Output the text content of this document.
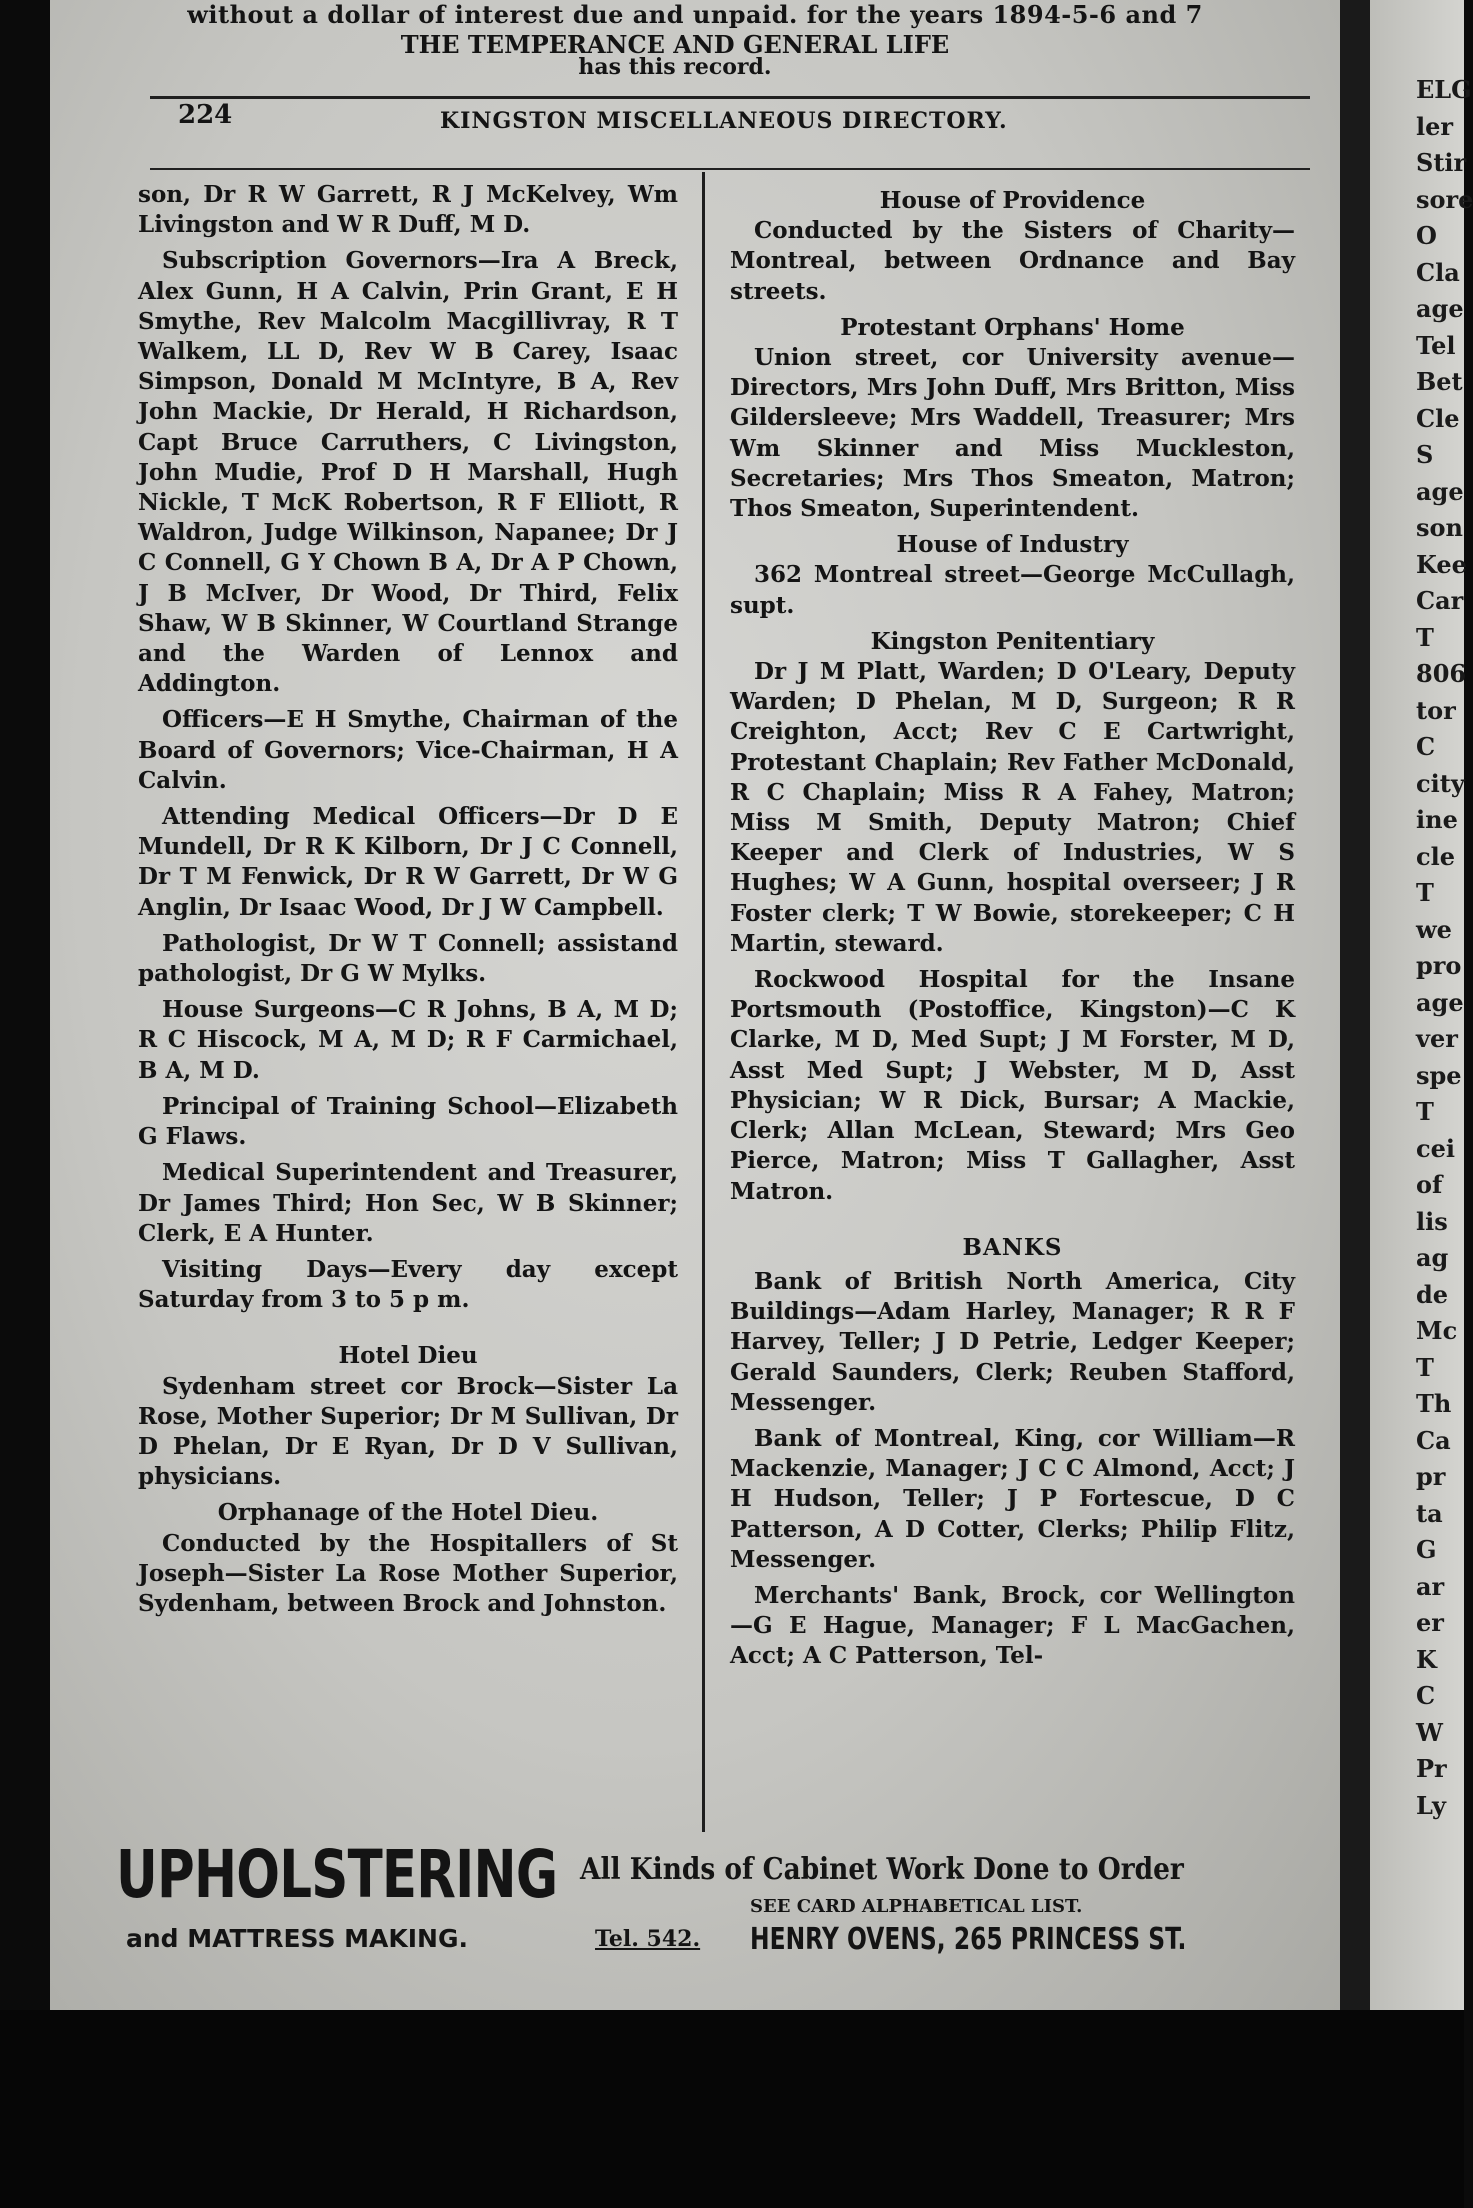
without a dollar of interest due and unpaid. for the years 1894-5-6 and 7
THE TEMPERANCE AND GENERAL LIFE
has this record.
224	KINGSTON MISCELLANEOUS DIRECTORY.

son, Dr R W Garrett, R J McKelvey, Wm Livingston and W R Duff, M D.

Subscription Governors—Ira A Breck, Alex Gunn, H A Calvin, Prin Grant, E H Smythe, Rev Malcolm Macgillivray, R T Walkem, LL D, Rev W B Carey, Isaac Simpson, Donald M McIntyre, B A, Rev John Mackie, Dr Herald, H Richardson, Capt Bruce Carruthers, C Livingston, John Mudie, Prof D H Marshall, Hugh Nickle, T McK Robertson, R F Elliott, R Waldron, Judge Wilkinson, Napanee; Dr J C Connell, G Y Chown B A, Dr A P Chown, J B McIver, Dr Wood, Dr Third, Felix Shaw, W B Skinner, W Courtland Strange and the Warden of Lennox and Addington.

Officers—E H Smythe, Chairman of the Board of Governors; Vice-Chairman, H A Calvin.

Attending Medical Officers—Dr D E Mundell, Dr R K Kilborn, Dr J C Connell, Dr T M Fenwick, Dr R W Garrett, Dr W G Anglin, Dr Isaac Wood, Dr J W Campbell.

Pathologist, Dr W T Connell; assistand pathologist, Dr G W Mylks.

House Surgeons—C R Johns, B A, M D; R C Hiscock, M A, M D; R F Carmichael, B A, M D.

Principal of Training School—Elizabeth G Flaws.

Medical Superintendent and Treasurer, Dr James Third; Hon Sec, W B Skinner; Clerk, E A Hunter.

Visiting Days—Every day except Saturday from 3 to 5 p m.

Hotel Dieu

Sydenham street cor Brock—Sister La Rose, Mother Superior; Dr M Sullivan, Dr D Phelan, Dr E Ryan, Dr D V Sullivan, physicians.

Orphanage of the Hotel Dieu.

Conducted by the Hospitallers of St Joseph—Sister La Rose Mother Superior, Sydenham, between Brock and Johnston.

House of Providence

Conducted by the Sisters of Charity—Montreal, between Ordnance and Bay streets.

Protestant Orphans' Home

Union street, cor University avenue—Directors, Mrs John Duff, Mrs Britton, Miss Gildersleeve; Mrs Waddell, Treasurer; Mrs Wm Skinner and Miss Muckleston, Secretaries; Mrs Thos Smeaton, Matron; Thos Smeaton, Superintendent.

House of Industry

362 Montreal street—George McCullagh, supt.

Kingston Penitentiary

Dr J M Platt, Warden; D O'Leary, Deputy Warden; D Phelan, M D, Surgeon; R R Creighton, Acct; Rev C E Cartwright, Protestant Chaplain; Rev Father McDonald, R C Chaplain; Miss R A Fahey, Matron; Miss M Smith, Deputy Matron; Chief Keeper and Clerk of Industries, W S Hughes; W A Gunn, hospital overseer; J R Foster clerk; T W Bowie, storekeeper; C H Martin, steward.

Rockwood Hospital for the Insane Portsmouth (Postoffice, Kingston)—C K Clarke, M D, Med Supt; J M Forster, M D, Asst Med Supt; J Webster, M D, Asst Physician; W R Dick, Bursar; A Mackie, Clerk; Allan McLean, Steward; Mrs Geo Pierce, Matron; Miss T Gallagher, Asst Matron.

BANKS

Bank of British North America, City Buildings—Adam Harley, Manager; R R F Harvey, Teller; J D Petrie, Ledger Keeper; Gerald Saunders, Clerk; Reuben Stafford, Messenger.

Bank of Montreal, King, cor William—R Mackenzie, Manager; J C C Almond, Acct; J H Hudson, Teller; J P Fortescue, D C Patterson, A D Cotter, Clerks; Philip Flitz, Messenger.

Merchants' Bank, Brock, cor Wellington—G E Hague, Manager; F L MacGachen, Acct; A C Patterson, Tel-

UPHOLSTERING
and MATTRESS MAKING.	Tel. 542.
All Kinds of Cabinet Work Done to Order
SEE CARD ALPHABETICAL LIST.
HENRY OVENS, 265 PRINCESS ST.
ELG
ler
Stir
sore
O
Cla
age
Tel
Bet
Cle
S
age
son
Kee
Car
T
806
tor
C
city
ine
cle
T
we
pro
age
ver
spe
T
cei
of
lis
ag
de
Mc
T
Th
Ca
pr
ta
G
ar
er
K
C
W
Pr
Ly
